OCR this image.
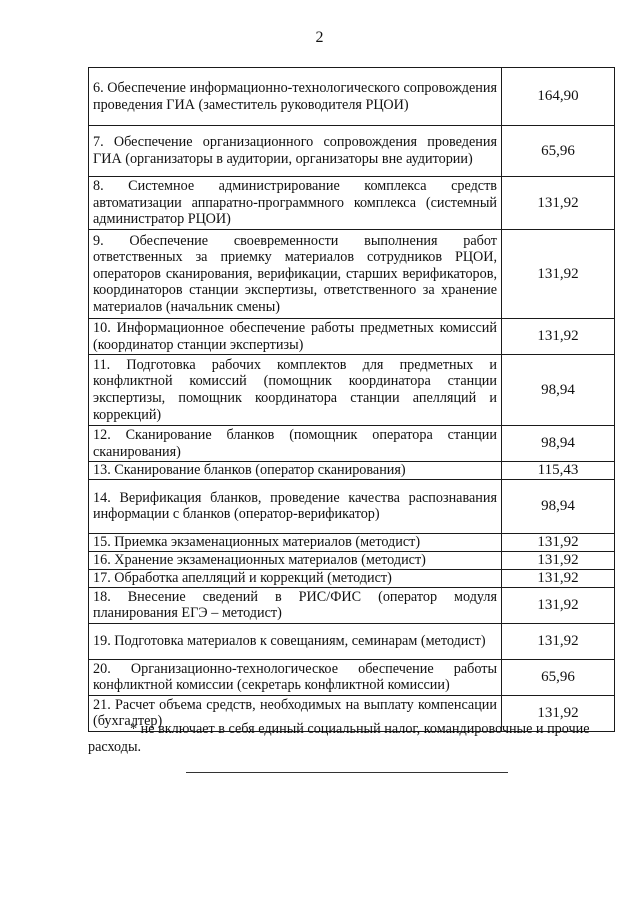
2
6. Обеспечение информационно-технологического сопровождения проведения ГИА (заместитель руководителя РЦОИ)	164,90
7. Обеспечение организационного сопровождения проведения ГИА (организаторы в аудитории, организаторы вне аудитории)	65,96
8. Системное администрирование комплекса средств автоматизации аппаратно-программного комплекса (системный администратор РЦОИ)	131,92
9. Обеспечение своевременности выполнения работ ответственных за приемку материалов сотрудников РЦОИ, операторов сканирования, верификации, старших верификаторов, координаторов станции экспертизы, ответственного за хранение материалов (начальник смены)	131,92
10. Информационное обеспечение работы предметных комиссий (координатор станции экспертизы)	131,92
11. Подготовка рабочих комплектов для предметных и конфликтной комиссий (помощник координатора станции экспертизы, помощник координатора станции апелляций и коррекций)	98,94
12. Сканирование бланков (помощник оператора станции сканирования)	98,94
13. Сканирование бланков (оператор сканирования)	115,43
14. Верификация бланков, проведение качества распознавания информации с бланков (оператор-верификатор)	98,94
15. Приемка экзаменационных материалов (методист)	131,92
16. Хранение экзаменационных материалов (методист)	131,92
17. Обработка апелляций и коррекций (методист)	131,92
18. Внесение сведений в РИС/ФИС (оператор модуля планирования ЕГЭ – методист)	131,92
19. Подготовка материалов к совещаниям, семинарам (методист)	131,92
20. Организационно-технологическое обеспечение работы конфликтной комиссии (секретарь конфликтной комиссии)	65,96
21. Расчет объема средств, необходимых на выплату компенсации (бухгалтер)	131,92
* не включает в себя единый социальный налог, командировочные и прочие расходы.
